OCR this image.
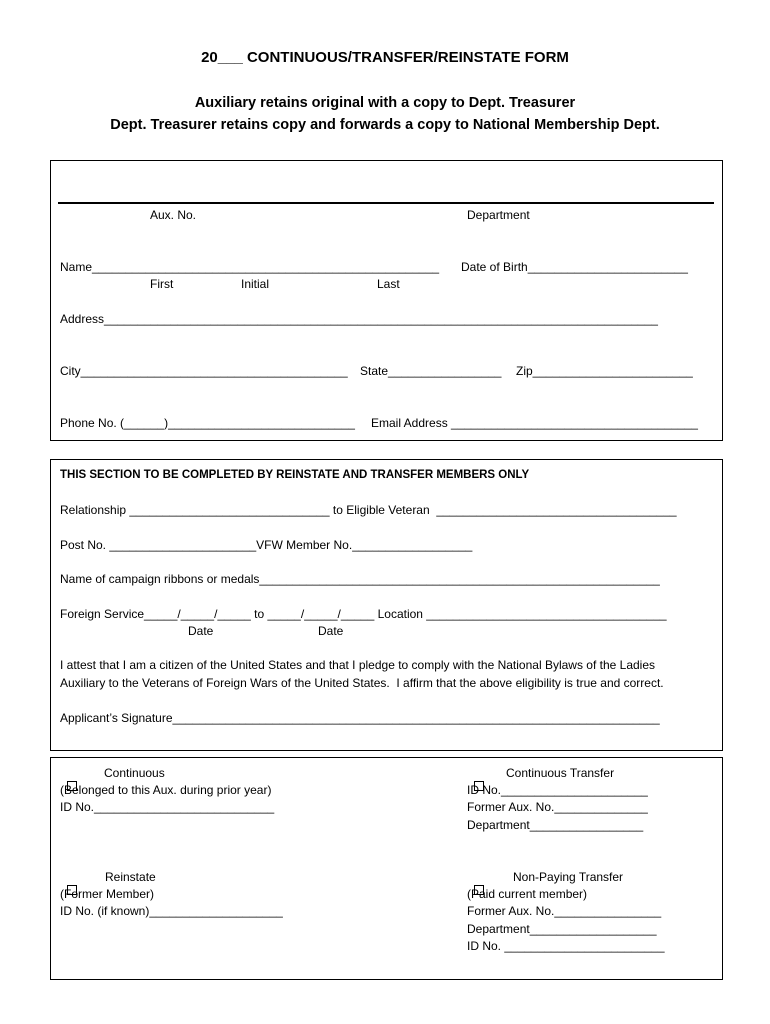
20___ CONTINUOUS/TRANSFER/REINSTATE FORM
Auxiliary retains original with a copy to Dept. Treasurer
Dept. Treasurer retains copy and forwards a copy to National Membership Dept.
Aux. No.	Department
Name____________________________________________________ Date of Birth________________________
First	Initial	Last
Address___________________________________________________________________________________
City________________________________________ State_________________ Zip________________________
Phone No. (______)____________________________ Email Address _____________________________________
THIS SECTION TO BE COMPLETED BY REINSTATE AND TRANSFER MEMBERS ONLY
Relationship ______________________________ to Eligible Veteran  ____________________________________
Post No. ______________________VFW Member No.__________________
Name of campaign ribbons or medals____________________________________________________________
Foreign Service_____/_____/_____ to _____/_____/_____ Location ____________________________________
Date	Date
I attest that I am a citizen of the United States and that I pledge to comply with the National Bylaws of the Ladies
Auxiliary to the Veterans of Foreign Wars of the United States.  I affirm that the above eligibility is true and correct.
Applicant’s Signature_________________________________________________________________________

Continuous
(Belonged to this Aux. during prior year)
ID No.___________________________

Continuous Transfer
ID No.______________________
Former Aux. No.______________
Department_________________

Reinstate
(Former Member)
ID No. (if known)____________________

Non-Paying Transfer
(Paid current member)
Former Aux. No.________________
Department___________________
ID No. ________________________
